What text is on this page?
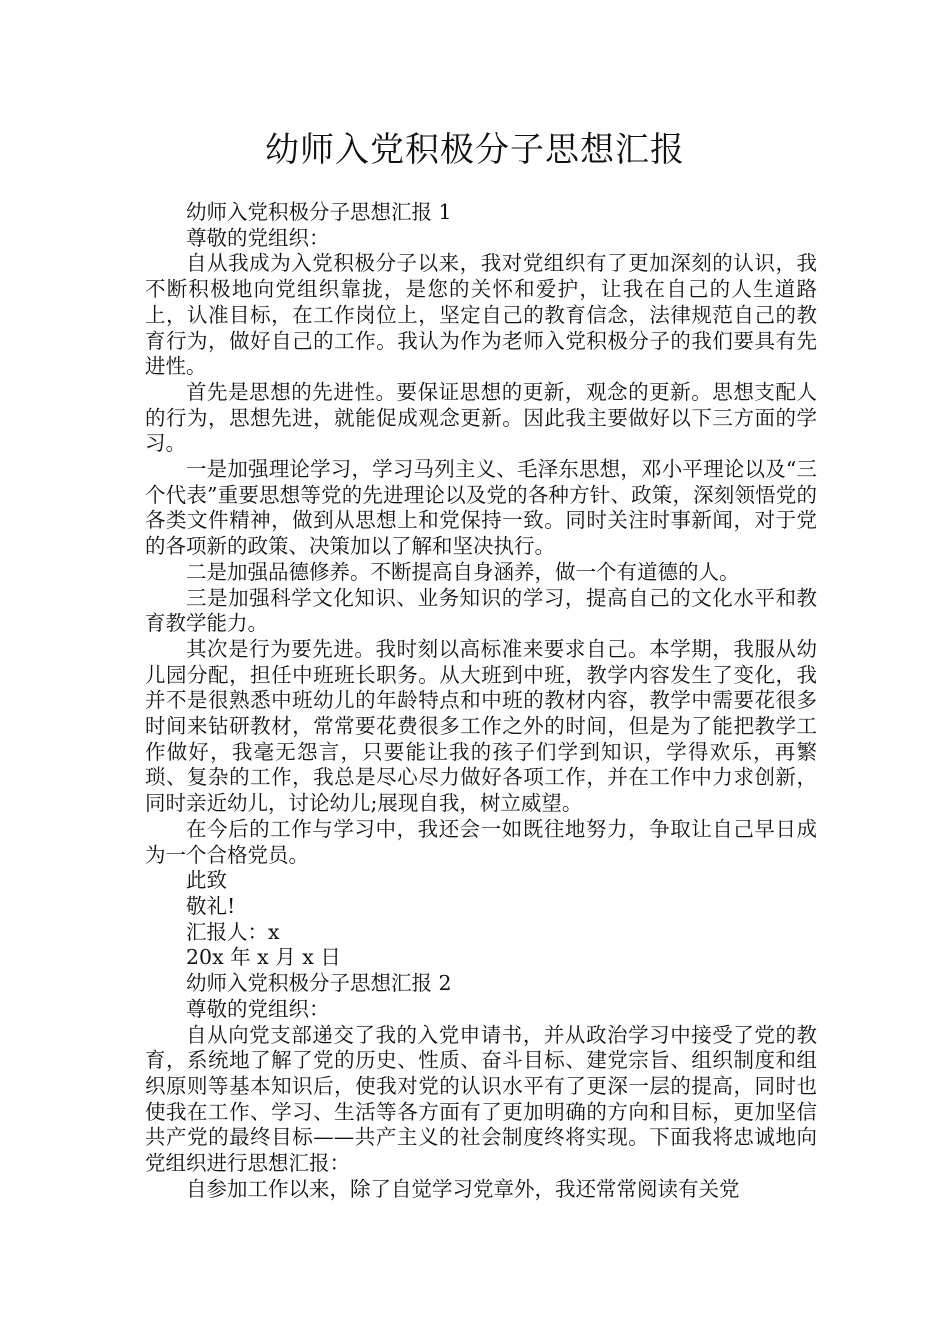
幼师入党积极分子思想汇报

幼师入党积极分子思想汇报 1

尊敬的党组织：

自从我成为入党积极分子以来，我对党组织有了更加深刻的认识，我不断积极地向党组织靠拢，是您的关怀和爱护，让我在自己的人生道路上，认准目标，在工作岗位上，坚定自己的教育信念，法律规范自己的教育行为，做好自己的工作。我认为作为老师入党积极分子的我们要具有先进性。

首先是思想的先进性。要保证思想的更新，观念的更新。思想支配人的行为，思想先进，就能促成观念更新。因此我主要做好以下三方面的学习。

一是加强理论学习，学习马列主义、毛泽东思想，邓小平理论以及“三个代表”重要思想等党的先进理论以及党的各种方针、政策，深刻领悟党的各类文件精神，做到从思想上和党保持一致。同时关注时事新闻，对于党的各项新的政策、决策加以了解和坚决执行。

二是加强品德修养。不断提高自身涵养，做一个有道德的人。

三是加强科学文化知识、业务知识的学习，提高自己的文化水平和教育教学能力。

其次是行为要先进。我时刻以高标准来要求自己。本学期，我服从幼儿园分配，担任中班班长职务。从大班到中班，教学内容发生了变化，我并不是很熟悉中班幼儿的年龄特点和中班的教材内容，教学中需要花很多时间来钻研教材，常常要花费很多工作之外的时间，但是为了能把教学工作做好，我毫无怨言，只要能让我的孩子们学到知识，学得欢乐，再繁琐、复杂的工作，我总是尽心尽力做好各项工作，并在工作中力求创新，同时亲近幼儿，讨论幼儿;展现自我，树立威望。

在今后的工作与学习中，我还会一如既往地努力，争取让自己早日成为一个合格党员。

此致

敬礼!

汇报人：x

20x 年 x 月 x 日

幼师入党积极分子思想汇报 2

尊敬的党组织：

自从向党支部递交了我的入党申请书，并从政治学习中接受了党的教育，系统地了解了党的历史、性质、奋斗目标、建党宗旨、组织制度和组织原则等基本知识后，使我对党的认识水平有了更深一层的提高，同时也使我在工作、学习、生活等各方面有了更加明确的方向和目标，更加坚信共产党的最终目标——共产主义的社会制度终将实现。下面我将忠诚地向党组织进行思想汇报：

自参加工作以来，除了自觉学习党章外，我还常常阅读有关党
